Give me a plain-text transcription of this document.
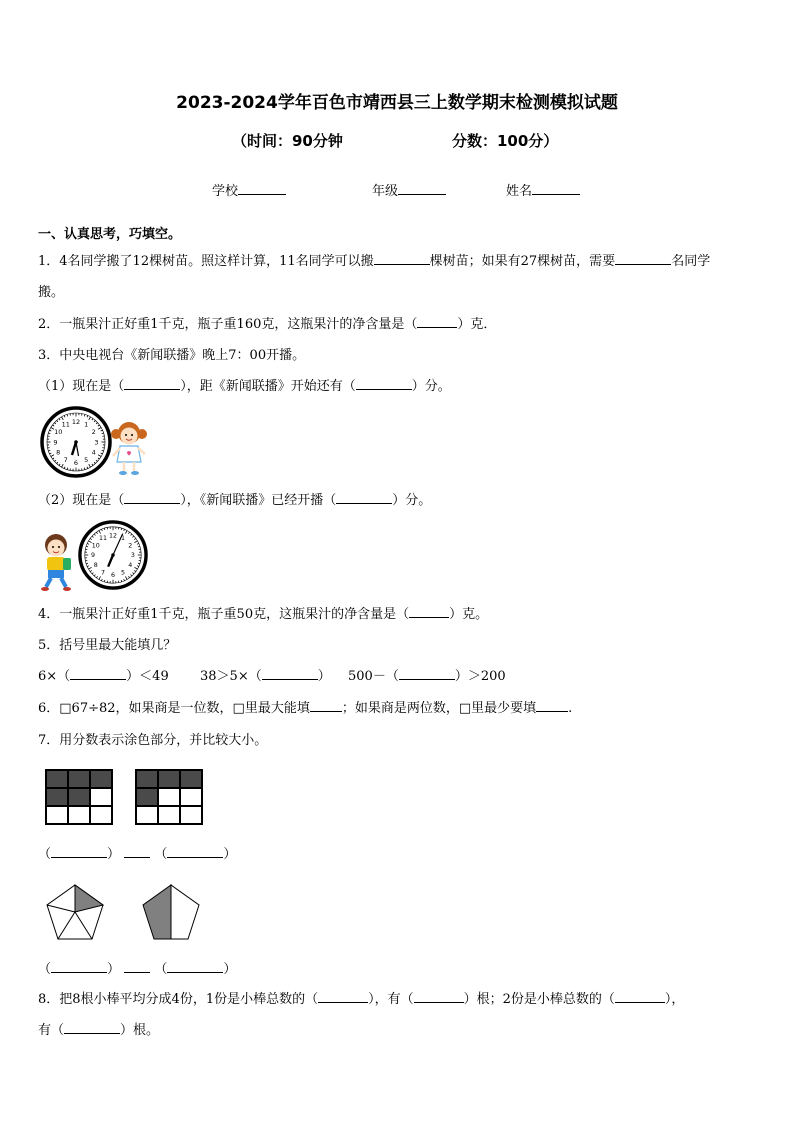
2023-2024学年百色市靖西县三上数学期末检测模拟试题
（时间：90分钟	分数：100分）
学校	年级	姓名
一、认真思考，巧填空。
1．4名同学搬了12棵树苗。照这样计算，11名同学可以搬	棵树苗；如果有27棵树苗，需要	名同学
搬。
2．一瓶果汁正好重1千克，瓶子重160克，这瓶果汁的净含量是（	）克．
3．中央电视台《新闻联播》晚上7：00开播。
（1）现在是（	），距《新闻联播》开始还有（	）分。
12 1
2
3
4
5
6
7
8
9
10
11
（2）现在是（	），《新闻联播》已经开播（	）分。
12 1
2
3
4
5
6
7
8
9
10
11
4．一瓶果汁正好重1千克，瓶子重50克，这瓶果汁的净含量是（	）克。
5．括号里最大能填几？
6×（	）＜49 38＞5×（	） 500－（	）＞200
6．□67÷82，如果商是一位数，□里最大能填 ；如果商是两位数，□里最少要填 .
7．用分数表示涂色部分，并比较大小。
（	）	（	）
（	）	（	）
8．把8根小棒平均分成4份，1份是小棒总数的（	），有（	）根；2份是小棒总数的（	），
有（	）根。
